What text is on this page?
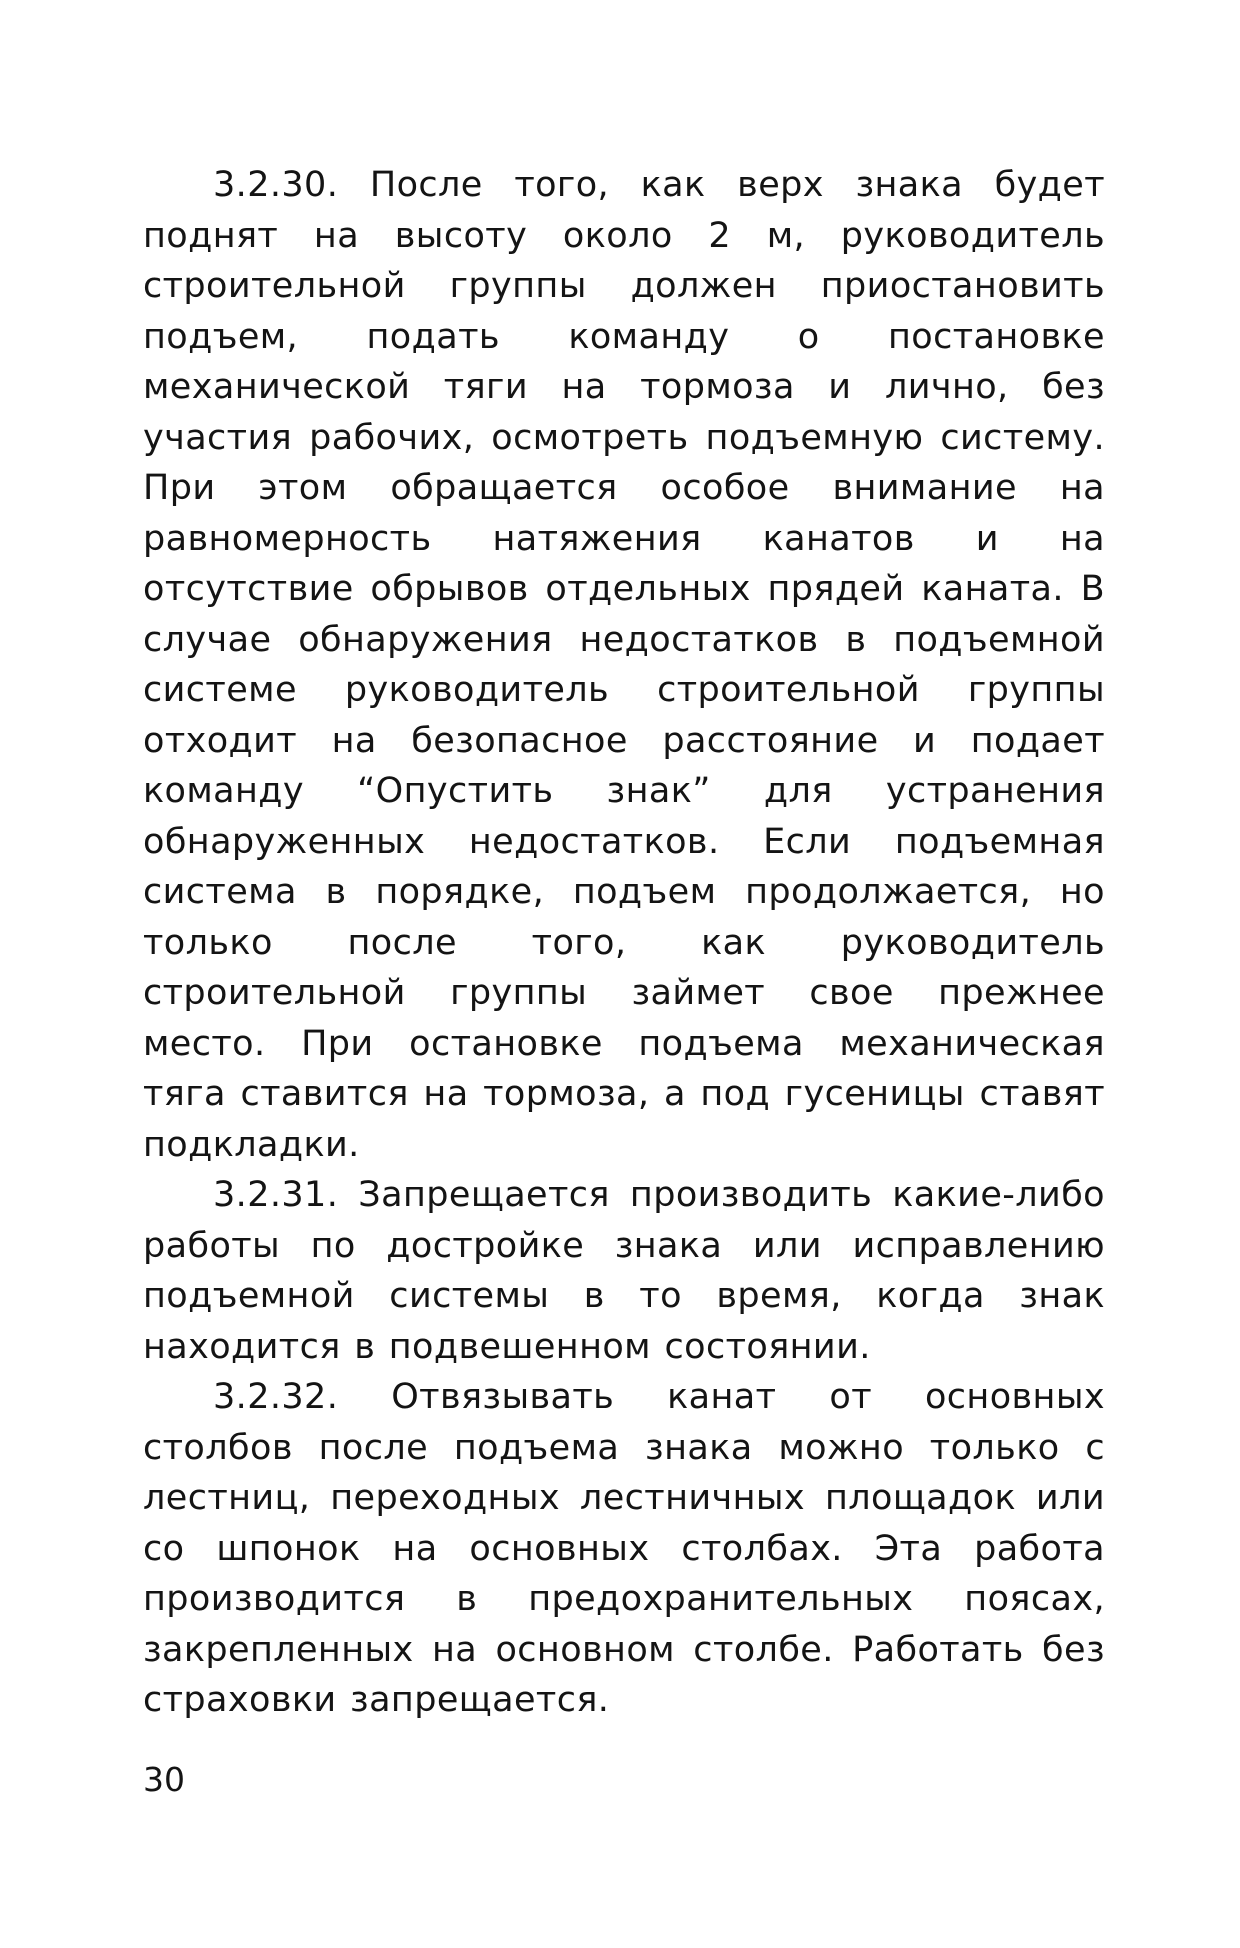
3.2.30. После того, как верх знака будет поднят на высоту около 2 м, руководитель строительной группы должен приостановить подъем, подать команду о постановке механической тяги на тормоза и лично, без участия рабочих, осмотреть подъемную систему. При этом обращается особое внимание на равномерность натяжения канатов и на отсутствие обрывов отдельных прядей каната. В случае обнаружения недостатков в подъемной системе руководитель строительной группы отходит на безопасное расстояние и подает команду “Опустить знак” для устранения обнаруженных недостатков. Если подъемная система в порядке, подъем продолжается, но только после того, как руководитель строительной группы займет свое прежнее место. При остановке подъема механическая тяга ставится на тормоза, а под гусеницы ставят подкладки.

3.2.31. Запрещается производить какие-либо работы по достройке знака или исправлению подъемной системы в то время, когда знак находится в подвешенном состоянии.

3.2.32. Отвязывать канат от основных столбов после подъема знака можно только с лестниц, переходных лестничных площадок или со шпонок на основных столбах. Эта работа производится в предохранительных поясах, закрепленных на основном столбе. Работать без страховки запрещается.

30
